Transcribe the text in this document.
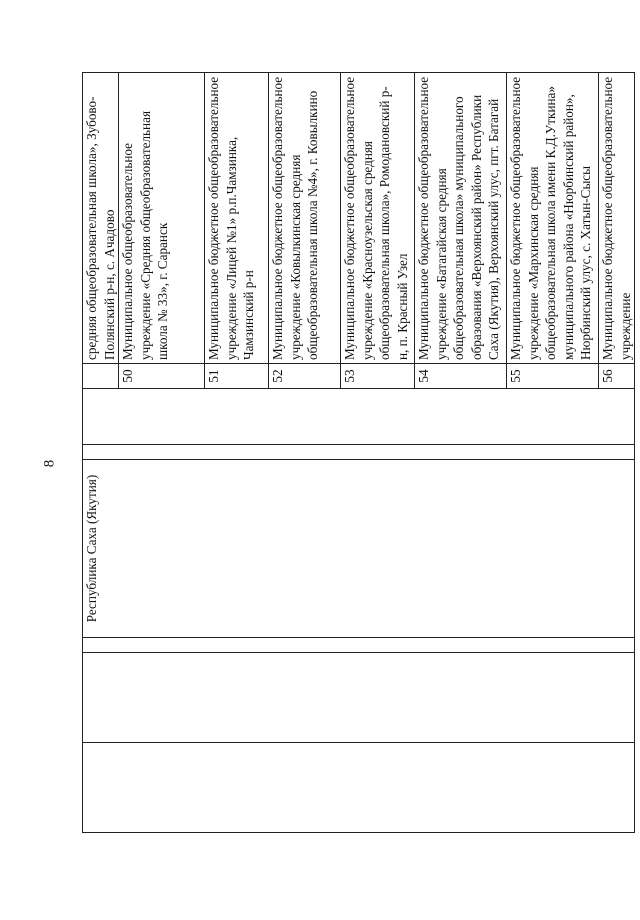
8
			Республика Саха (Якутия)				средняя общеобразовательная школа», Зубово-Полянский р-н, с. Ачадово

						50	Муниципальное общеобразовательное учреждение «Средняя общеобразовательная школа № 33», г. Саранск

						51	Муниципальное бюджетное общеобразовательное учреждение «Лицей №1» р.п.Чамзинка, Чамзинский р-н

						52	Муниципальное бюджетное общеобразовательное учреждение «Ковылкинская средняя общеобразовательная школа №4», г. Ковылкино

						53	Муниципальное бюджетное общеобразовательное учреждение «Красноузельская средняя общеобразовательная школа», Ромодановский р-н, п. Красный Узел

						54	Муниципальное бюджетное общеобразовательное учреждение «Батагайская средняя общеобразовательная школа» муниципального образования «Верхоянский район» Республики Саха (Якутия), Верхоянский улус, пгт. Батагай

						55	Муниципальное бюджетное общеобразовательное учреждение «Мархинская средняя общеобразовательная школа имени К.Д.Уткина» муниципального района «Нюрбинский район», Нюрбинский улус, с. Хатын-Сысы

						56	Муниципальное бюджетное общеобразовательное учреждение
